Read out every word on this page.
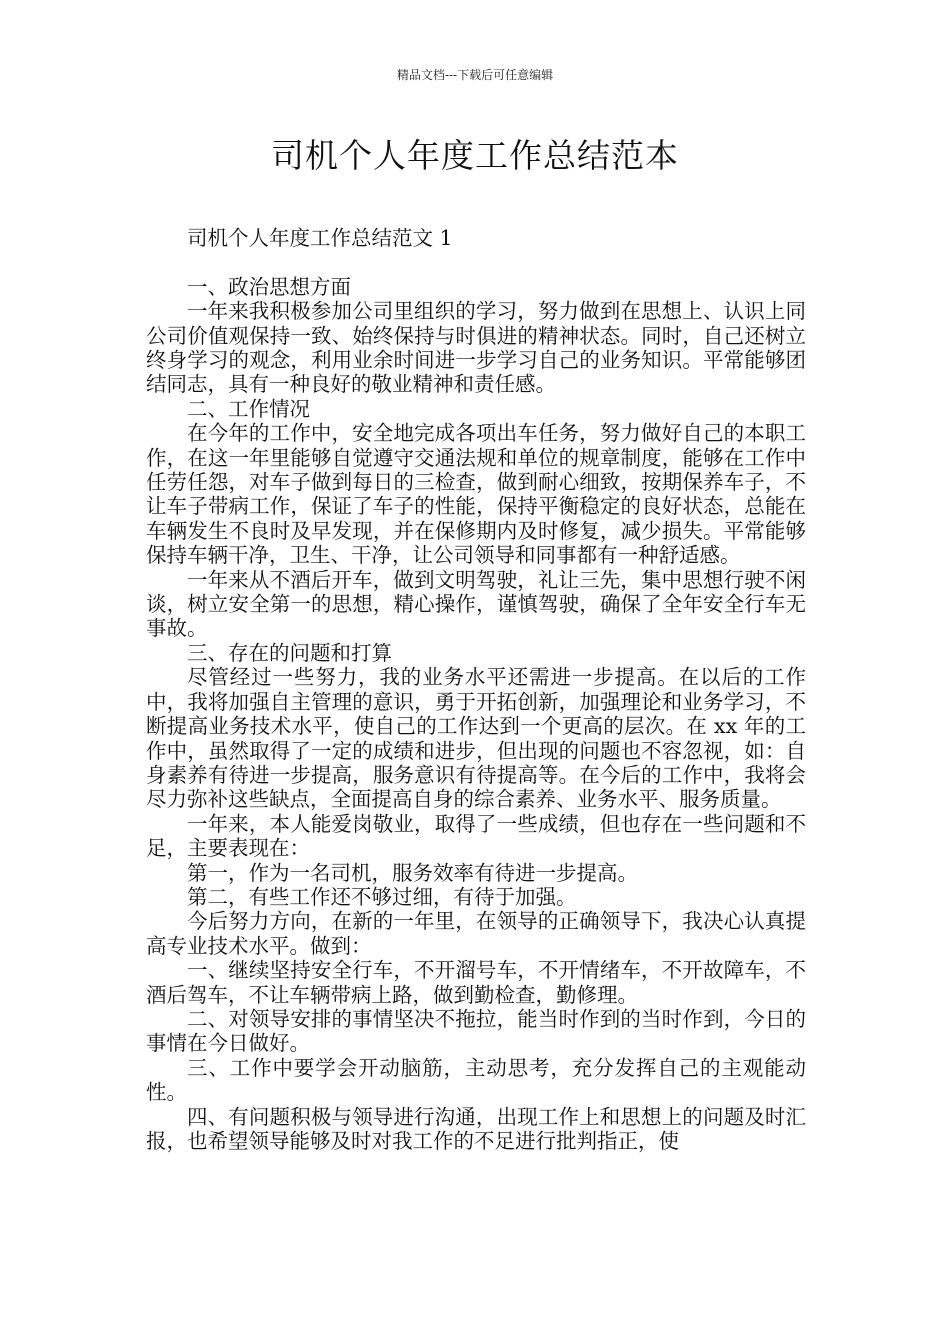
精品文档---下载后可任意编辑
司机个人年度工作总结范本

司机个人年度工作总结范文 1

一、政治思想方面

一年来我积极参加公司里组织的学习，努力做到在思想上、认识上同公司价值观保持一致、始终保持与时俱进的精神状态。同时，自己还树立终身学习的观念，利用业余时间进一步学习自己的业务知识。平常能够团结同志，具有一种良好的敬业精神和责任感。

二、工作情况

在今年的工作中，安全地完成各项出车任务，努力做好自己的本职工作，在这一年里能够自觉遵守交通法规和单位的规章制度，能够在工作中任劳任怨，对车子做到每日的三检查，做到耐心细致，按期保养车子，不让车子带病工作，保证了车子的性能，保持平衡稳定的良好状态，总能在车辆发生不良时及早发现，并在保修期内及时修复，减少损失。平常能够保持车辆干净，卫生、干净，让公司领导和同事都有一种舒适感。

一年来从不酒后开车，做到文明驾驶，礼让三先，集中思想行驶不闲谈，树立安全第一的思想，精心操作，谨慎驾驶，确保了全年安全行车无事故。

三、存在的问题和打算

尽管经过一些努力，我的业务水平还需进一步提高。在以后的工作中，我将加强自主管理的意识，勇于开拓创新，加强理论和业务学习，不断提高业务技术水平，使自己的工作达到一个更高的层次。在 xx 年的工作中，虽然取得了一定的成绩和进步，但出现的问题也不容忽视，如：自身素养有待进一步提高，服务意识有待提高等。在今后的工作中，我将会尽力弥补这些缺点，全面提高自身的综合素养、业务水平、服务质量。

一年来，本人能爱岗敬业，取得了一些成绩，但也存在一些问题和不足，主要表现在：

第一，作为一名司机，服务效率有待进一步提高。

第二，有些工作还不够过细，有待于加强。

今后努力方向，在新的一年里，在领导的正确领导下，我决心认真提高专业技术水平。做到：

一、继续坚持安全行车，不开溜号车，不开情绪车，不开故障车，不酒后驾车，不让车辆带病上路，做到勤检查，勤修理。

二、对领导安排的事情坚决不拖拉，能当时作到的当时作到，今日的事情在今日做好。

三、工作中要学会开动脑筋，主动思考，充分发挥自己的主观能动性。

四、有问题积极与领导进行沟通，出现工作上和思想上的问题及时汇报，也希望领导能够及时对我工作的不足进行批判指正，使
